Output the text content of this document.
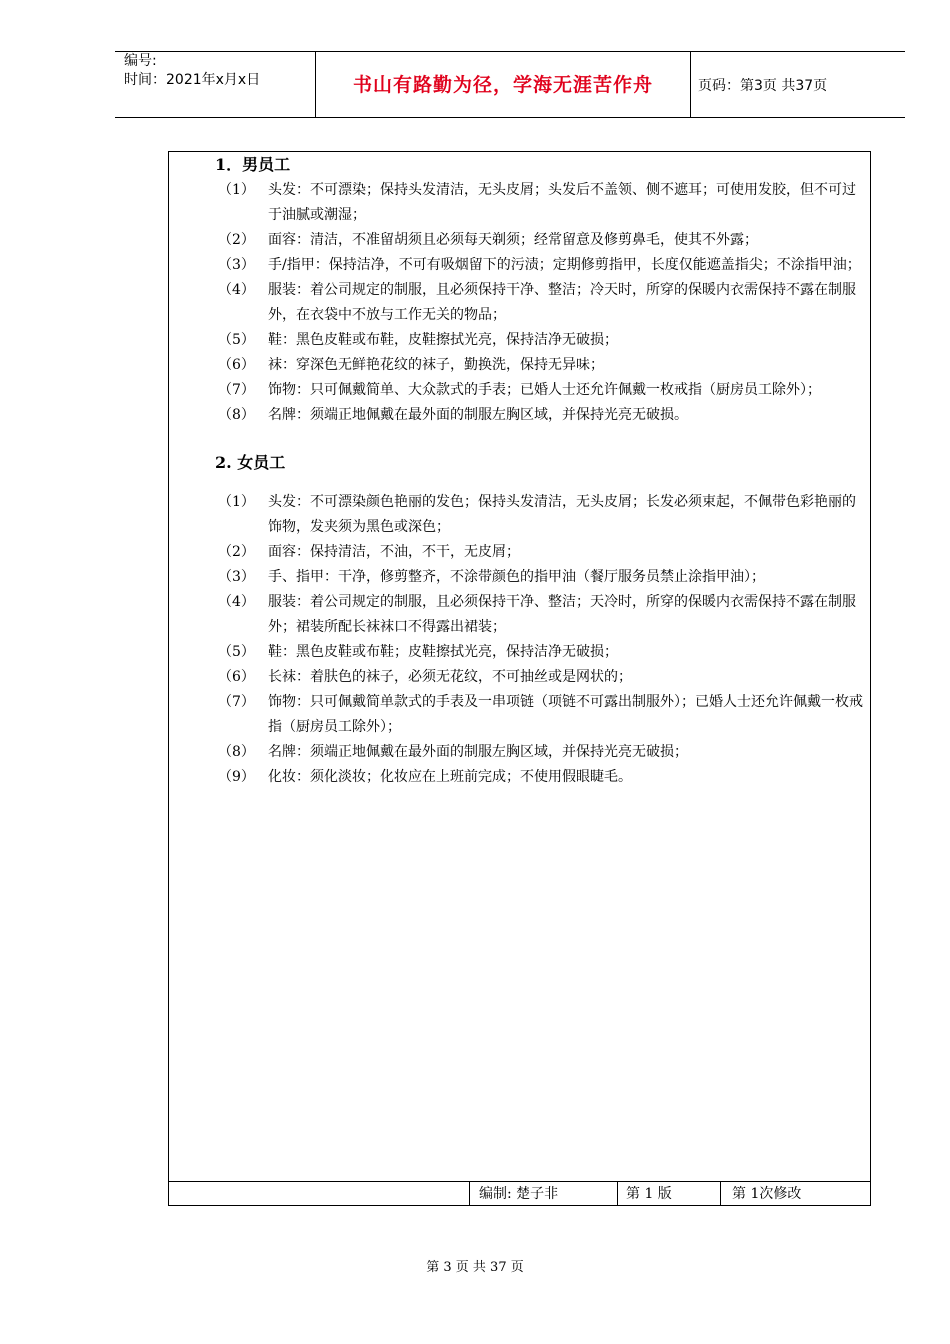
编号:
时间：2021年x月x日	书山有路勤为径，学海无涯苦作舟	页码：第3页 共37页
1．男员工
（1） 头发：不可漂染；保持头发清洁，无头皮屑；头发后不盖领、侧不遮耳；可使用发胶，但不可过于油腻或潮湿；
（2） 面容：清洁，不准留胡须且必须每天剃须；经常留意及修剪鼻毛，使其不外露；
（3） 手/指甲：保持洁净，不可有吸烟留下的污渍；定期修剪指甲，长度仅能遮盖指尖；不涂指甲油；
（4） 服装：着公司规定的制服，且必须保持干净、整洁；冷天时，所穿的保暖内衣需保持不露在制服外，在衣袋中不放与工作无关的物品；
（5） 鞋：黑色皮鞋或布鞋，皮鞋擦拭光亮，保持洁净无破损；
（6） 袜：穿深色无鲜艳花纹的袜子，勤换洗，保持无异味；
（7） 饰物：只可佩戴简单、大众款式的手表；已婚人士还允许佩戴一枚戒指（厨房员工除外）；
（8） 名牌：须端正地佩戴在最外面的制服左胸区域，并保持光亮无破损。
2. 女员工
（1） 头发：不可漂染颜色艳丽的发色；保持头发清洁，无头皮屑；长发必须束起，不佩带色彩艳丽的饰物，发夹须为黑色或深色；
（2） 面容：保持清洁，不油，不干，无皮屑；
（3） 手、指甲：干净，修剪整齐，不涂带颜色的指甲油（餐厅服务员禁止涂指甲油）；
（4） 服装：着公司规定的制服，且必须保持干净、整洁；天冷时，所穿的保暖内衣需保持不露在制服外；裙装所配长袜袜口不得露出裙装；
（5） 鞋：黑色皮鞋或布鞋；皮鞋擦拭光亮，保持洁净无破损；
（6） 长袜：着肤色的袜子，必须无花纹，不可抽丝或是网状的；
（7） 饰物：只可佩戴简单款式的手表及一串项链（项链不可露出制服外）；已婚人士还允许佩戴一枚戒指（厨房员工除外）；
（8） 名牌：须端正地佩戴在最外面的制服左胸区域，并保持光亮无破损；
（9） 化妆：须化淡妆；化妆应在上班前完成；不使用假眼睫毛。
编制: 楚子非	第 1 版	第 1次修改
第 3 页 共 37 页
